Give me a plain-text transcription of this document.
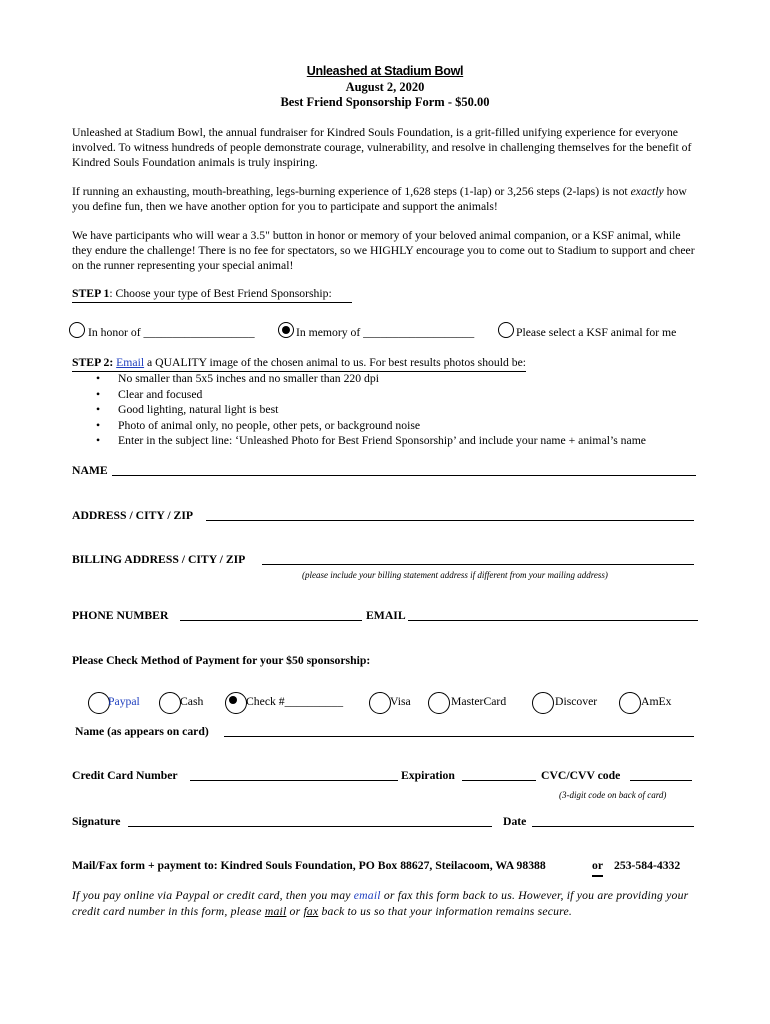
Unleashed at Stadium Bowl
August 2, 2020
Best Friend Sponsorship Form - $50.00

Unleashed at Stadium Bowl, the annual fundraiser for Kindred Souls Foundation, is a grit-filled unifying experience for everyone involved. To witness hundreds of people demonstrate courage, vulnerability, and resolve in challenging themselves for the benefit of Kindred Souls Foundation animals is truly inspiring.

If running an exhausting, mouth-breathing, legs-burning experience of 1,628 steps (1-lap) or 3,256 steps (2-laps) is not exactly how you define fun, then we have another option for you to participate and support the animals!

We have participants who will wear a 3.5" button in honor or memory of your beloved animal companion, or a KSF animal, while they endure the challenge! There is no fee for spectators, so we HIGHLY encourage you to come out to Stadium to support and cheer on the runner representing your special animal!

STEP 1: Choose your type of Best Friend Sponsorship:
In honor of ___________________	In memory of ___________________	Please select a KSF animal for me
STEP 2: Email a QUALITY image of the chosen animal to us. For best results photos should be:
• No smaller than 5x5 inches and no smaller than 220 dpi
• Clear and focused
• Good lighting, natural light is best
• Photo of animal only, no people, other pets, or background noise
• Enter in the subject line: ‘Unleashed Photo for Best Friend Sponsorship’ and include your name + animal’s name
NAME
ADDRESS / CITY / ZIP
BILLING ADDRESS / CITY / ZIP
(please include your billing statement address if different from your mailing address)
PHONE NUMBER	EMAIL
Please Check Method of Payment for your $50 sponsorship:
Paypal	Cash	Check #__________	Visa	MasterCard	Discover	AmEx
Name (as appears on card)
Credit Card Number	Expiration	CVC/CVV code
(3-digit code on back of card)
Signature	Date
Mail/Fax form + payment to: Kindred Souls Foundation, PO Box 88627, Steilacoom, WA 98388	or 253-584-4332

If you pay online via Paypal or credit card, then you may email or fax this form back to us. However, if you are providing your credit card number in this form, please mail or fax back to us so that your information remains secure.
